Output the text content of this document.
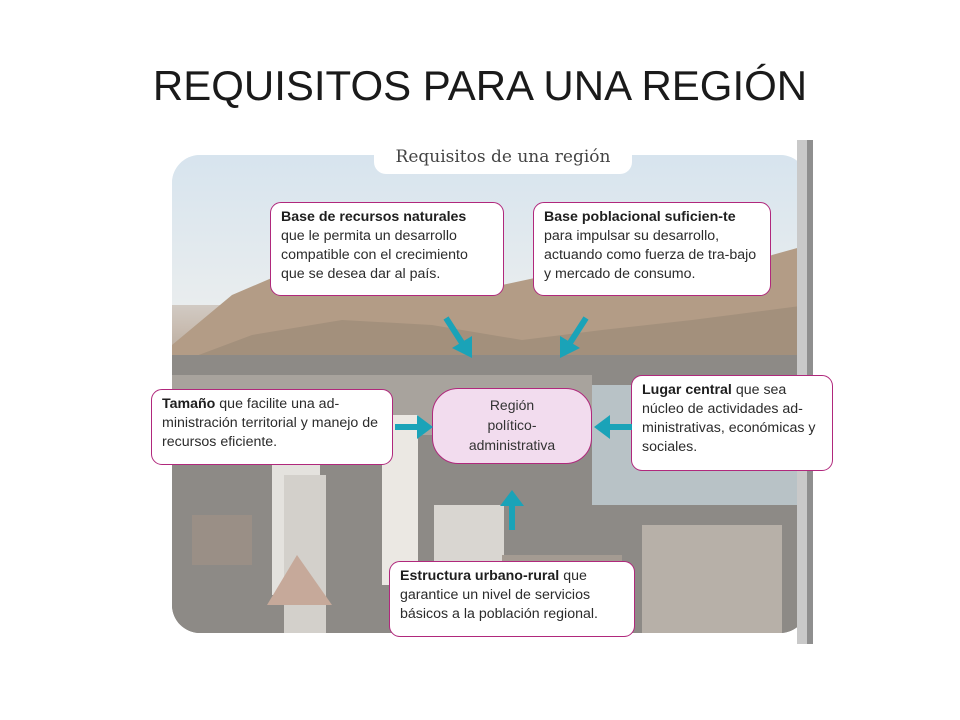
REQUISITOS PARA UNA REGIÓN
Requisitos de una región
Base de recursos naturales que le permita un desarrollo compatible con el crecimiento que se desea dar al país.
Base poblacional suficien-te para impulsar su desarrollo, actuando como fuerza de tra-bajo y mercado de consumo.
Tamaño que facilite una ad-ministración territorial y manejo de recursos eficiente.
Lugar central que sea núcleo de actividades ad-ministrativas, económicas y sociales.
Estructura urbano-rural que garantice un nivel de servicios básicos a la población regional.
Región
político-
administrativa
